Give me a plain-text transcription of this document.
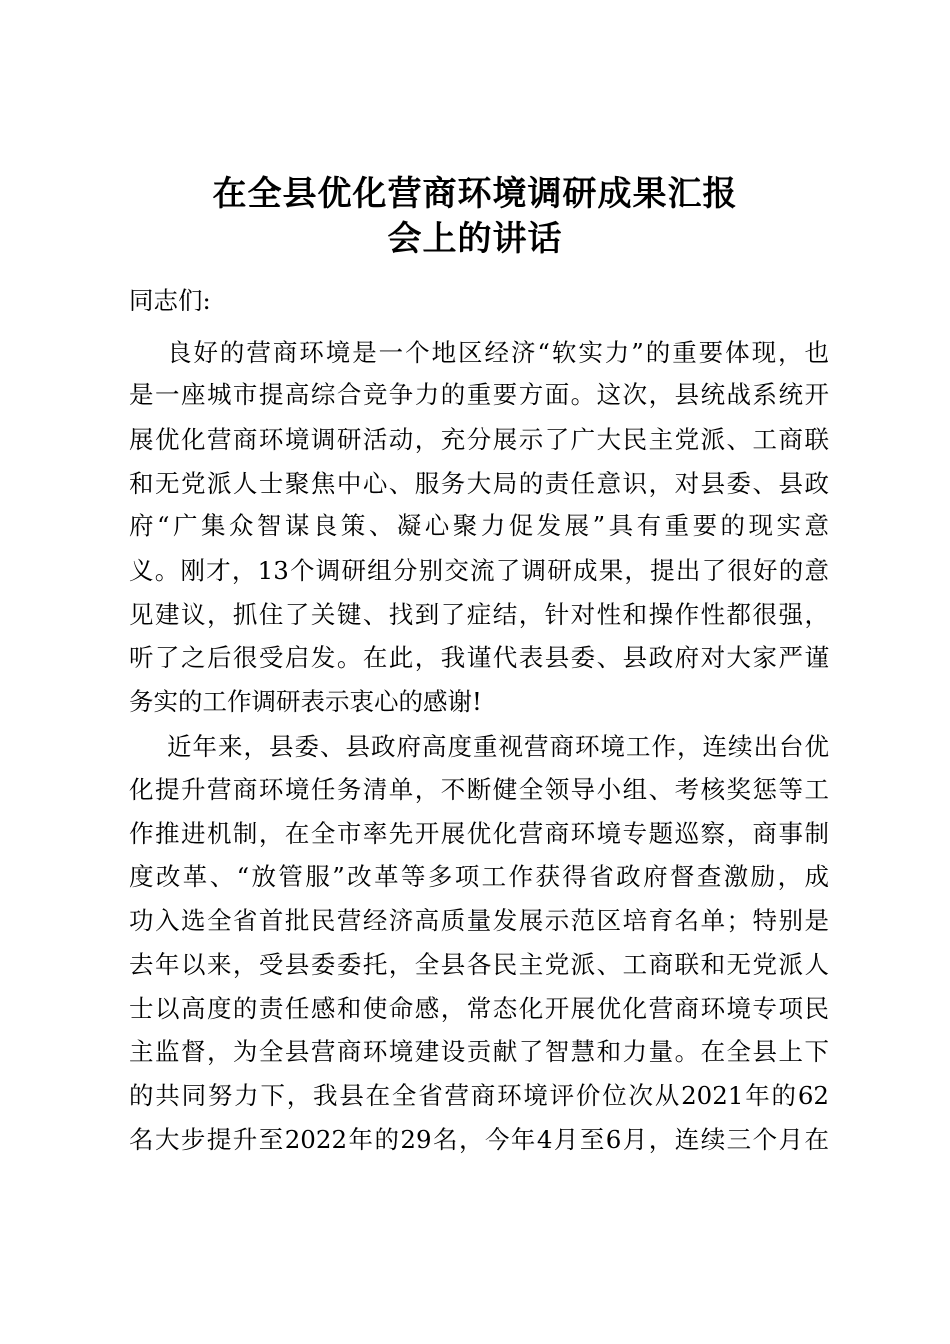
在全县优化营商环境调研成果汇报
会上的讲话
同志们:
良好的营商环境是一个地区经济“软实力”的重要体现，也
是一座城市提高综合竞争力的重要方面。这次，县统战系统开
展优化营商环境调研活动，充分展示了广大民主党派、工商联
和无党派人士聚焦中心、服务大局的责任意识，对县委、县政
府“广集众智谋良策、凝心聚力促发展”具有重要的现实意
义。刚才，13个调研组分别交流了调研成果，提出了很好的意
见建议，抓住了关键、找到了症结，针对性和操作性都很强，
听了之后很受启发。在此，我谨代表县委、县政府对大家严谨
务实的工作调研表示衷心的感谢!
近年来，县委、县政府高度重视营商环境工作，连续出台优
化提升营商环境任务清单，不断健全领导小组、考核奖惩等工
作推进机制，在全市率先开展优化营商环境专题巡察，商事制
度改革、“放管服”改革等多项工作获得省政府督查激励，成
功入选全省首批民营经济高质量发展示范区培育名单；特别是
去年以来，受县委委托，全县各民主党派、工商联和无党派人
士以高度的责任感和使命感，常态化开展优化营商环境专项民
主监督，为全县营商环境建设贡献了智慧和力量。在全县上下
的共同努力下，我县在全省营商环境评价位次从2021年的62
名大步提升至2022年的29名，今年4月至6月，连续三个月在
